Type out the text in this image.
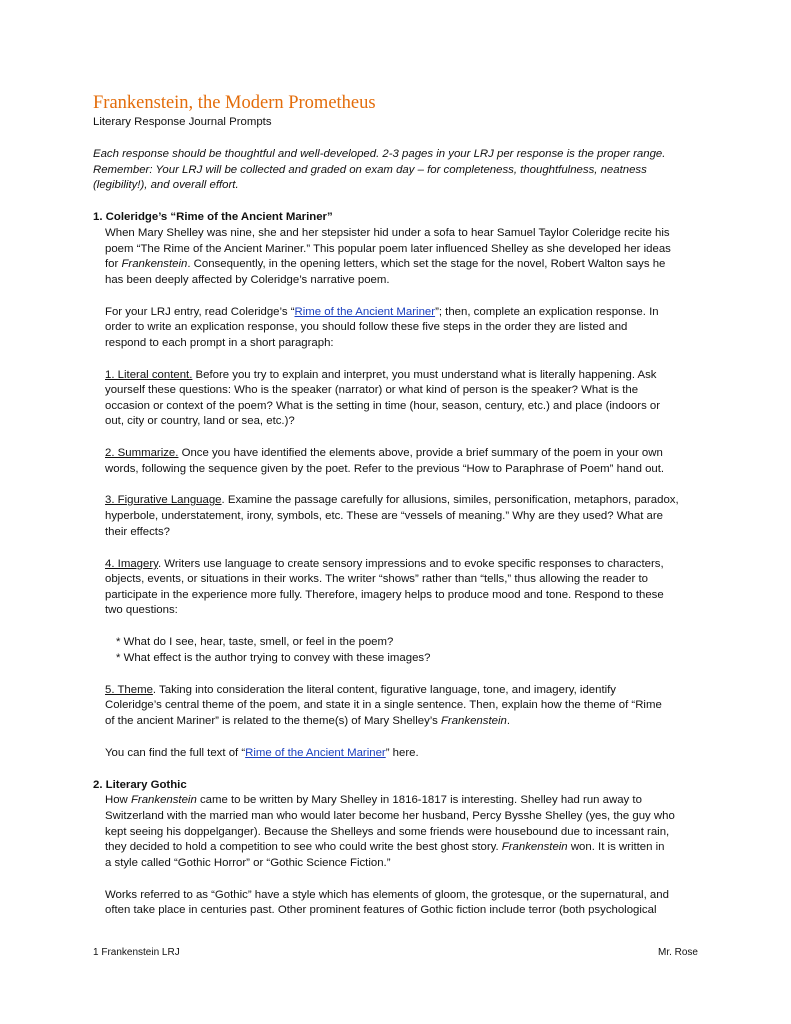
Frankenstein, the Modern Prometheus
Literary Response Journal Prompts
Each response should be thoughtful and well-developed. 2-3 pages in your LRJ per response is the proper range.
Remember: Your LRJ will be collected and graded on exam day – for completeness, thoughtfulness, neatness
(legibility!), and overall effort.
1. Coleridge’s “Rime of the Ancient Mariner”
When Mary Shelley was nine, she and her stepsister hid under a sofa to hear Samuel Taylor Coleridge recite his
poem “The Rime of the Ancient Mariner.” This popular poem later influenced Shelley as she developed her ideas
for Frankenstein. Consequently, in the opening letters, which set the stage for the novel, Robert Walton says he
has been deeply affected by Coleridge’s narrative poem.
For your LRJ entry, read Coleridge’s “Rime of the Ancient Mariner”; then, complete an explication response. In
order to write an explication response, you should follow these five steps in the order they are listed and
respond to each prompt in a short paragraph:
1. Literal content. Before you try to explain and interpret, you must understand what is literally happening. Ask
yourself these questions: Who is the speaker (narrator) or what kind of person is the speaker? What is the
occasion or context of the poem? What is the setting in time (hour, season, century, etc.) and place (indoors or
out, city or country, land or sea, etc.)?
2. Summarize. Once you have identified the elements above, provide a brief summary of the poem in your own
words, following the sequence given by the poet. Refer to the previous “How to Paraphrase of Poem” hand out.
3. Figurative Language. Examine the passage carefully for allusions, similes, personification, metaphors, paradox,
hyperbole, understatement, irony, symbols, etc. These are “vessels of meaning.” Why are they used? What are
their effects?
4. Imagery. Writers use language to create sensory impressions and to evoke specific responses to characters,
objects, events, or situations in their works. The writer “shows” rather than “tells,” thus allowing the reader to
participate in the experience more fully. Therefore, imagery helps to produce mood and tone. Respond to these
two questions:
* What do I see, hear, taste, smell, or feel in the poem?
* What effect is the author trying to convey with these images?
5. Theme. Taking into consideration the literal content, figurative language, tone, and imagery, identify
Coleridge’s central theme of the poem, and state it in a single sentence. Then, explain how the theme of “Rime
of the ancient Mariner” is related to the theme(s) of Mary Shelley’s Frankenstein.
You can find the full text of “Rime of the Ancient Mariner” here.
2. Literary Gothic
How Frankenstein came to be written by Mary Shelley in 1816-1817 is interesting. Shelley had run away to
Switzerland with the married man who would later become her husband, Percy Bysshe Shelley (yes, the guy who
kept seeing his doppelganger). Because the Shelleys and some friends were housebound due to incessant rain,
they decided to hold a competition to see who could write the best ghost story. Frankenstein won. It is written in
a style called “Gothic Horror” or “Gothic Science Fiction.”
Works referred to as “Gothic” have a style which has elements of gloom, the grotesque, or the supernatural, and
often take place in centuries past. Other prominent features of Gothic fiction include terror (both psychological
1 Frankenstein LRJ	Mr. Rose
